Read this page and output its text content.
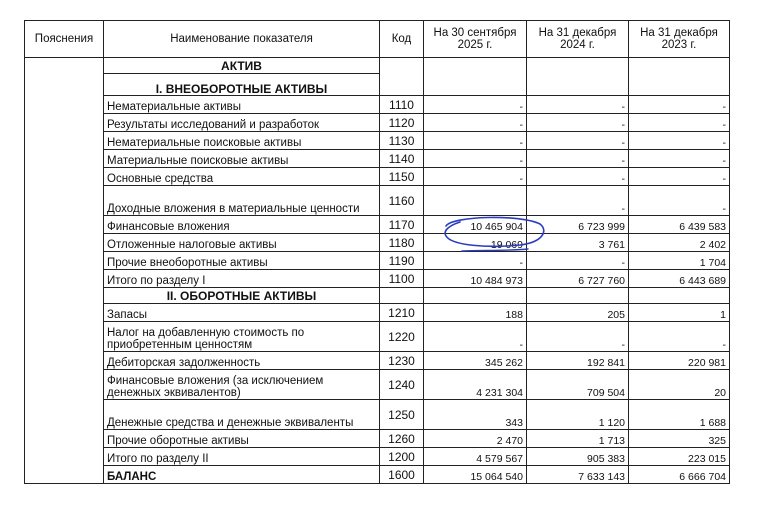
Пояснения	Наименование показателя	Код	На 30 сентября 2025 г.	На 31 декабря 2024 г.	На 31 декабря 2023 г.
	АКТИВ				
	I. ВНЕОБОРОТНЫЕ АКТИВЫ				
	Нематериальные активы	1110	-	-	-
	Результаты исследований и разработок	1120	-	-	-
	Нематериальные поисковые активы	1130	-	-	-
	Материальные поисковые активы	1140	-	-	-
	Основные средства	1150	-	-	-
	Доходные вложения в материальные ценности	1160		-	-
	Финансовые вложения	1170	10 465 904	6 723 999	6 439 583
	Отложенные налоговые активы	1180	19 069	3 761	2 402
	Прочие внеоборотные активы	1190	-	-	1 704
	Итого по разделу I	1100	10 484 973	6 727 760	6 443 689
	II. ОБОРОТНЫЕ АКТИВЫ				
	Запасы	1210	188	205	1
	Налог на добавленную стоимость по приобретенным ценностям	1220	-	-	-
	Дебиторская задолженность	1230	345 262	192 841	220 981
	Финансовые вложения (за исключением денежных эквивалентов)	1240	4 231 304	709 504	20
	Денежные средства и денежные эквиваленты	1250	343	1 120	1 688
	Прочие оборотные активы	1260	2 470	1 713	325
	Итого по разделу II	1200	4 579 567	905 383	223 015
	БАЛАНС	1600	15 064 540	7 633 143	6 666 704
